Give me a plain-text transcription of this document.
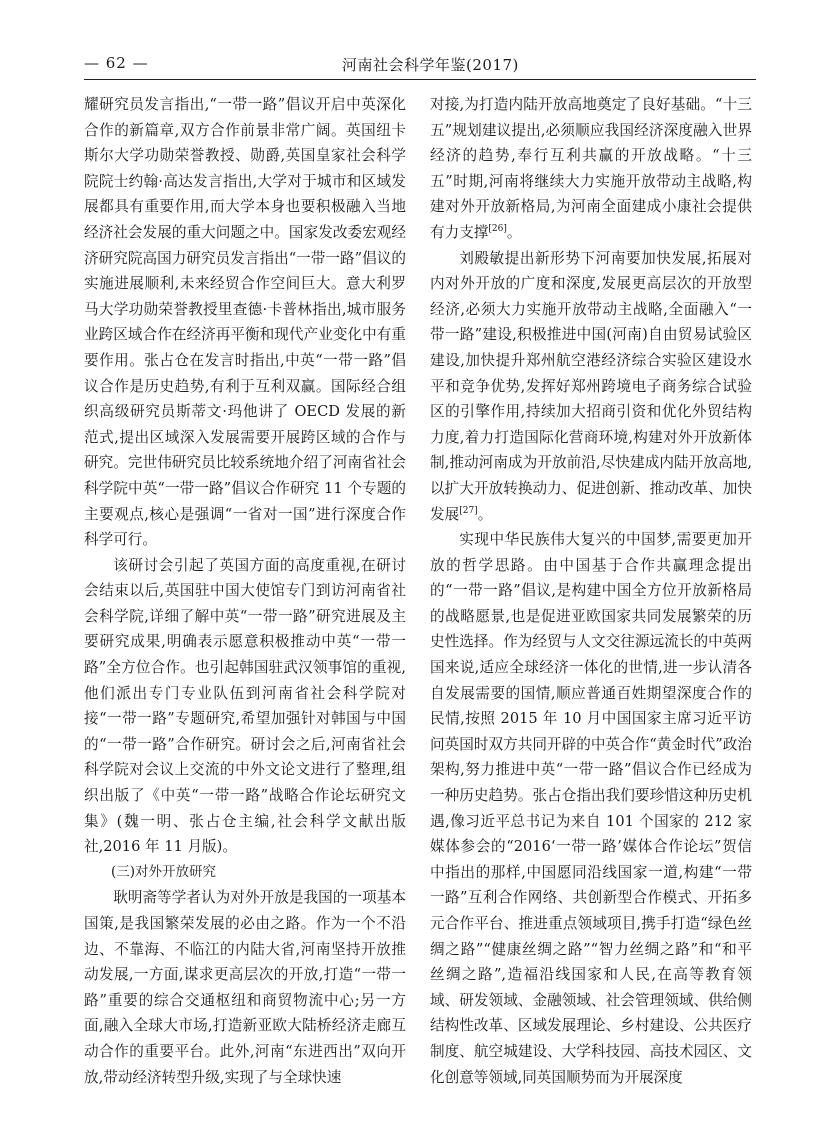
— 62 —	河南社会科学年鉴(2017)

耀研究员发言指出,“一带一路”倡议开启中英深化合作的新篇章,双方合作前景非常广阔。英国纽卡斯尔大学功勋荣誉教授、勋爵,英国皇家社会科学院院士约翰·高达发言指出,大学对于城市和区域发展都具有重要作用,而大学本身也要积极融入当地经济社会发展的重大问题之中。国家发改委宏观经济研究院高国力研究员发言指出“一带一路”倡议的实施进展顺利,未来经贸合作空间巨大。意大利罗马大学功勋荣誉教授里查德·卡普林指出,城市服务业跨区域合作在经济再平衡和现代产业变化中有重要作用。张占仓在发言时指出,中英“一带一路”倡议合作是历史趋势,有利于互利双赢。国际经合组织高级研究员斯蒂文·玛他讲了 OECD 发展的新范式,提出区域深入发展需要开展跨区域的合作与研究。完世伟研究员比较系统地介绍了河南省社会科学院中英“一带一路”倡议合作研究 11 个专题的主要观点,核心是强调“一省对一国”进行深度合作科学可行。

该研讨会引起了英国方面的高度重视,在研讨会结束以后,英国驻中国大使馆专门到访河南省社会科学院,详细了解中英“一带一路”研究进展及主要研究成果,明确表示愿意积极推动中英“一带一路”全方位合作。也引起韩国驻武汉领事馆的重视,他们派出专门专业队伍到河南省社会科学院对接“一带一路”专题研究,希望加强针对韩国与中国的“一带一路”合作研究。研讨会之后,河南省社会科学院对会议上交流的中外文论文进行了整理,组织出版了《中英“一带一路”战略合作论坛研究文集》(魏一明、张占仓主编,社会科学文献出版社,2016 年 11 月版)。

(三)对外开放研究

耿明斋等学者认为对外开放是我国的一项基本国策,是我国繁荣发展的必由之路。作为一个不沿边、不靠海、不临江的内陆大省,河南坚持开放推动发展,一方面,谋求更高层次的开放,打造“一带一路”重要的综合交通枢纽和商贸物流中心;另一方面,融入全球大市场,打造新亚欧大陆桥经济走廊互动合作的重要平台。此外,河南“东进西出”双向开放,带动经济转型升级,实现了与全球快速

对接,为打造内陆开放高地奠定了良好基础。“十三五”规划建议提出,必须顺应我国经济深度融入世界经济的趋势,奉行互利共赢的开放战略。“十三五”时期,河南将继续大力实施开放带动主战略,构建对外开放新格局,为河南全面建成小康社会提供有力支撑[26]。

刘殿敏提出新形势下河南要加快发展,拓展对内对外开放的广度和深度,发展更高层次的开放型经济,必须大力实施开放带动主战略,全面融入“一带一路”建设,积极推进中国(河南)自由贸易试验区建设,加快提升郑州航空港经济综合实验区建设水平和竞争优势,发挥好郑州跨境电子商务综合试验区的引擎作用,持续加大招商引资和优化外贸结构力度,着力打造国际化营商环境,构建对外开放新体制,推动河南成为开放前沿,尽快建成内陆开放高地,以扩大开放转换动力、促进创新、推动改革、加快发展[27]。

实现中华民族伟大复兴的中国梦,需要更加开放的哲学思路。由中国基于合作共赢理念提出的“一带一路”倡议,是构建中国全方位开放新格局的战略愿景,也是促进亚欧国家共同发展繁荣的历史性选择。作为经贸与人文交往源远流长的中英两国来说,适应全球经济一体化的世情,进一步认清各自发展需要的国情,顺应普通百姓期望深度合作的民情,按照 2015 年 10 月中国国家主席习近平访问英国时双方共同开辟的中英合作“黄金时代”政治架构,努力推进中英“一带一路”倡议合作已经成为一种历史趋势。张占仓指出我们要珍惜这种历史机遇,像习近平总书记为来自 101 个国家的 212 家媒体参会的“2016‘一带一路’媒体合作论坛”贺信中指出的那样,中国愿同沿线国家一道,构建“一带一路”互利合作网络、共创新型合作模式、开拓多元合作平台、推进重点领域项目,携手打造“绿色丝绸之路”“健康丝绸之路”“智力丝绸之路”和“和平丝绸之路”,造福沿线国家和人民,在高等教育领域、研发领域、金融领域、社会管理领域、供给侧结构性改革、区域发展理论、乡村建设、公共医疗制度、航空城建设、大学科技园、高技术园区、文化创意等领域,同英国顺势而为开展深度
